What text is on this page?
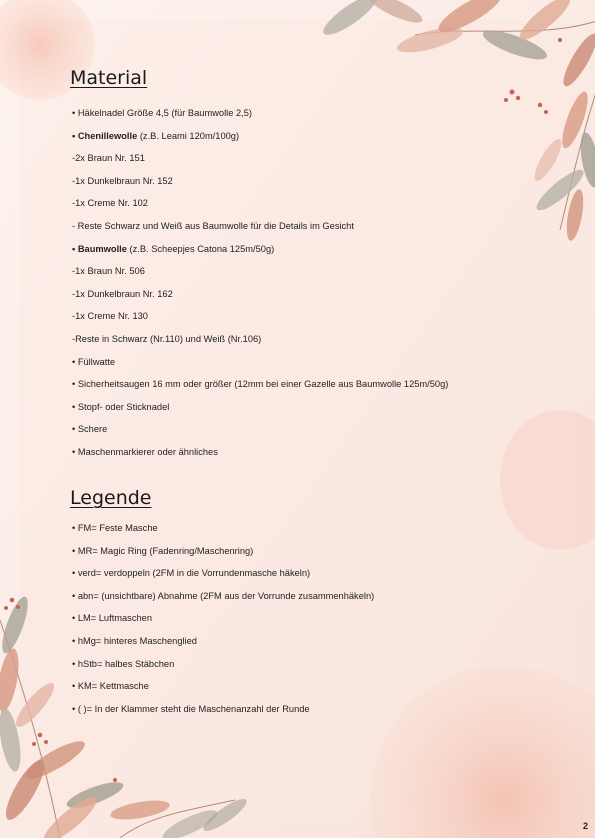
Material
• Häkelnadel Größe 4,5 (für Baumwolle 2,5)
• Chenillewolle (z.B. Leami 120m/100g)
-2x Braun Nr. 151
-1x Dunkelbraun Nr. 152
-1x Creme Nr. 102
- Reste Schwarz und Weiß aus Baumwolle für die Details im Gesicht
• Baumwolle (z.B. Scheepjes Catona 125m/50g)
-1x Braun Nr. 506
-1x Dunkelbraun Nr. 162
-1x Creme Nr. 130
-Reste in Schwarz (Nr.110) und Weiß (Nr.106)
• Füllwatte
• Sicherheitsaugen 16 mm oder größer (12mm bei einer Gazelle aus Baumwolle 125m/50g)
• Stopf- oder Sticknadel
• Schere
• Maschenmarkierer oder ähnliches
Legende
• FM= Feste Masche
• MR= Magic Ring (Fadenring/Maschenring)
• verd= verdoppeln (2FM in die Vorrundenmasche häkeln)
• abn= (unsichtbare) Abnahme (2FM aus der Vorrunde zusammenhäkeln)
• LM= Luftmaschen
• hMg= hinteres Maschenglied
• hStb= halbes Stäbchen
• KM= Kettmasche
• ( )= In der Klammer steht die Maschenanzahl der Runde
2
